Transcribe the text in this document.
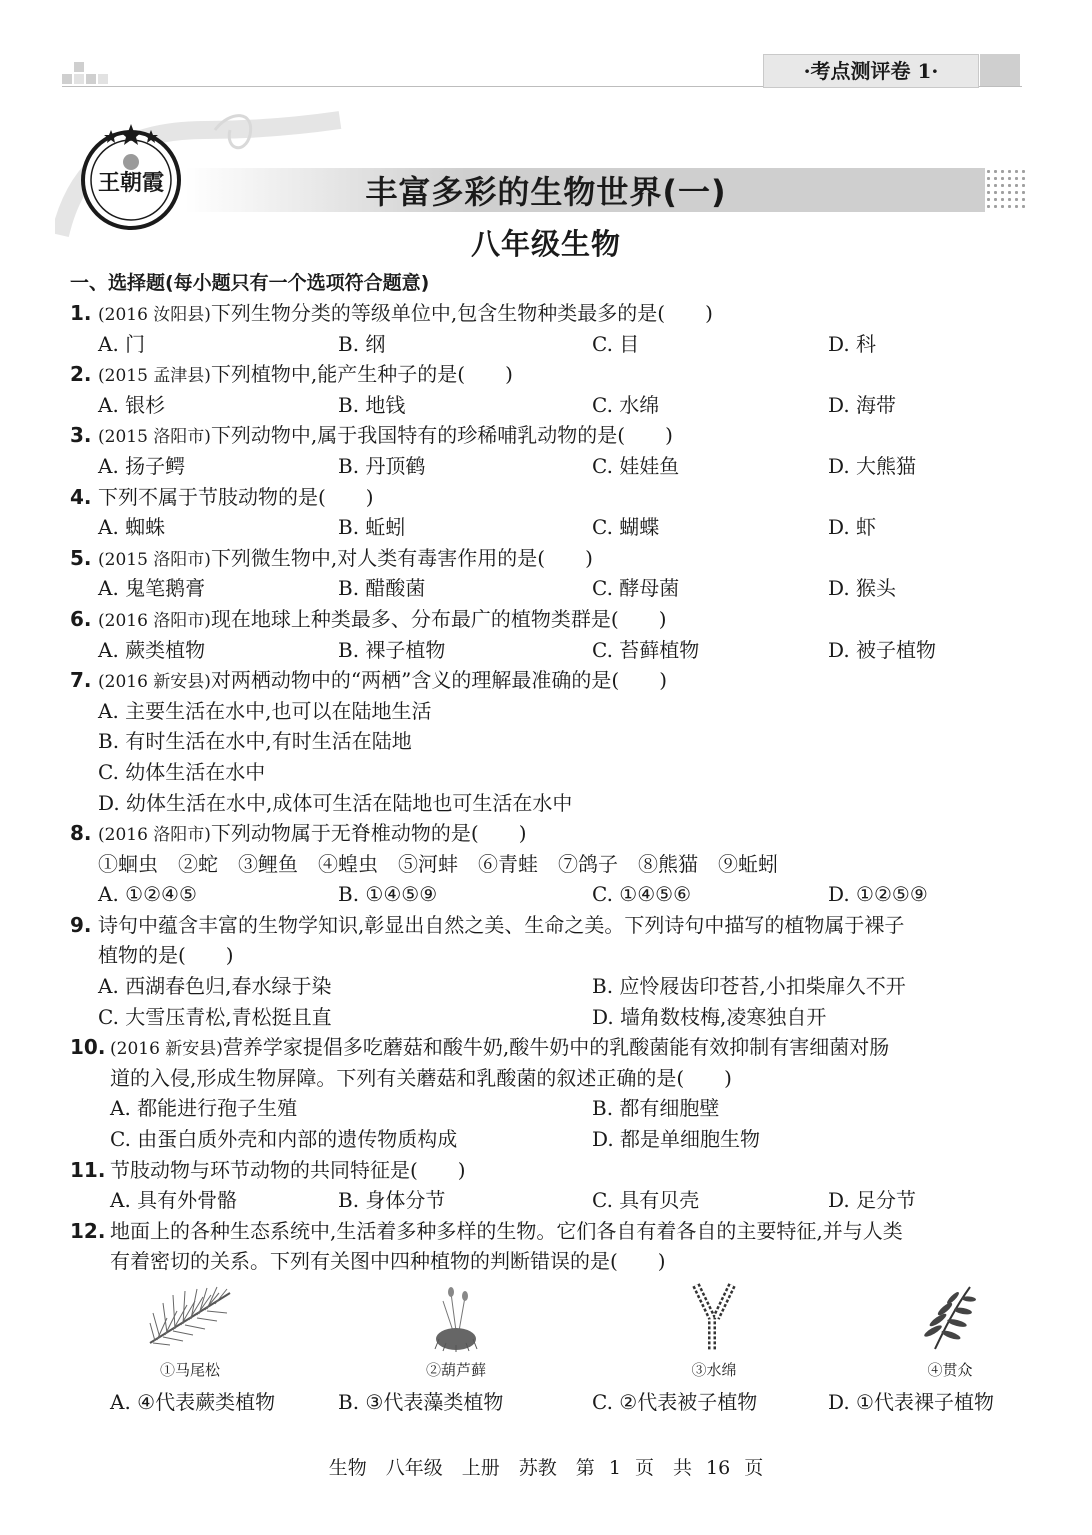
·考点测评卷 1·
王朝霞	丰富多彩的生物世界(一)
八年级生物
一、选择题(每小题只有一个选项符合题意)
1. (2016 汝阳县)下列生物分类的等级单位中,包含生物种类最多的是(　　)
A. 门	B. 纲	C. 目	D. 科
2. (2015 孟津县)下列植物中,能产生种子的是(　　)
A. 银杉	B. 地钱	C. 水绵	D. 海带
3. (2015 洛阳市)下列动物中,属于我国特有的珍稀哺乳动物的是(　　)
A. 扬子鳄	B. 丹顶鹤	C. 娃娃鱼	D. 大熊猫
4. 下列不属于节肢动物的是(　　)
A. 蜘蛛	B. 蚯蚓	C. 蝴蝶	D. 虾
5. (2015 洛阳市)下列微生物中,对人类有毒害作用的是(　　)
A. 鬼笔鹅膏	B. 醋酸菌	C. 酵母菌	D. 猴头
6. (2016 洛阳市)现在地球上种类最多、分布最广的植物类群是(　　)
A. 蕨类植物	B. 裸子植物	C. 苔藓植物	D. 被子植物
7. (2016 新安县)对两栖动物中的“两栖”含义的理解最准确的是(　　)
A. 主要生活在水中,也可以在陆地生活
B. 有时生活在水中,有时生活在陆地
C. 幼体生活在水中
D. 幼体生活在水中,成体可生活在陆地也可生活在水中
8. (2016 洛阳市)下列动物属于无脊椎动物的是(　　)
①蛔虫　②蛇　③鲤鱼　④蝗虫　⑤河蚌　⑥青蛙　⑦鸽子　⑧熊猫　⑨蚯蚓
A. ①②④⑤	B. ①④⑤⑨	C. ①④⑤⑥	D. ①②⑤⑨
9. 诗句中蕴含丰富的生物学知识,彰显出自然之美、生命之美。下列诗句中描写的植物属于裸子
植物的是(　　)
A. 西湖春色归,春水绿于染	B. 应怜屐齿印苍苔,小扣柴扉久不开
C. 大雪压青松,青松挺且直	D. 墙角数枝梅,凌寒独自开
10. (2016 新安县)营养学家提倡多吃蘑菇和酸牛奶,酸牛奶中的乳酸菌能有效抑制有害细菌对肠
道的入侵,形成生物屏障。下列有关蘑菇和乳酸菌的叙述正确的是(　　)
A. 都能进行孢子生殖	B. 都有细胞壁
C. 由蛋白质外壳和内部的遗传物质构成	D. 都是单细胞生物
11. 节肢动物与环节动物的共同特征是(　　)
A. 具有外骨骼	B. 身体分节	C. 具有贝壳	D. 足分节
12. 地面上的各种生态系统中,生活着多种多样的生物。它们各自有着各自的主要特征,并与人类
有着密切的关系。下列有关图中四种植物的判断错误的是(　　)
①马尾松	②葫芦藓	③水绵	④贯众
A. ④代表蕨类植物	B. ③代表藻类植物	C. ②代表被子植物	D. ①代表裸子植物
生物　八年级　上册　苏教　第 1 页　共 16 页
